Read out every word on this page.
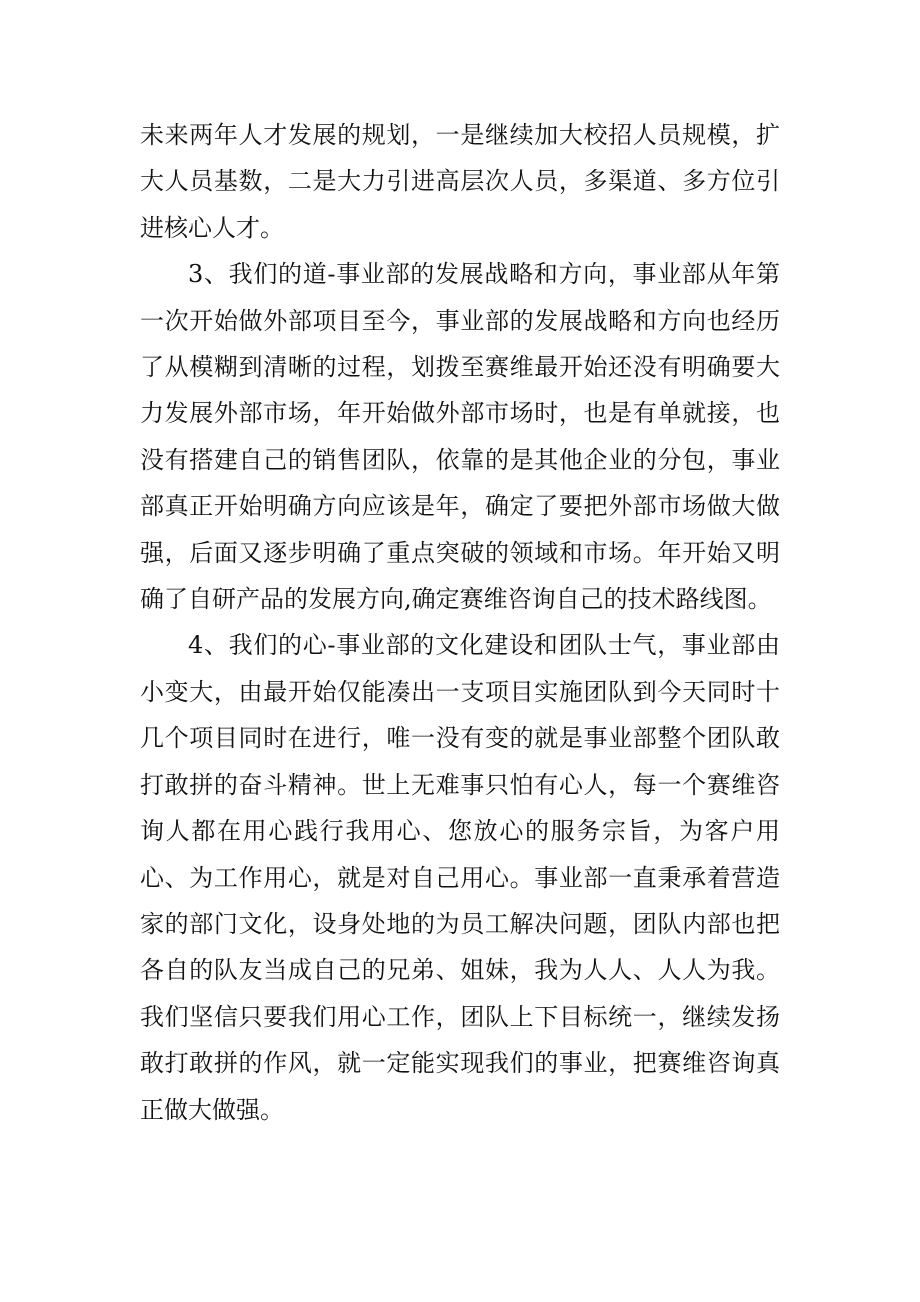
未来两年人才发展的规划，一是继续加大校招人员规模，扩大人员基数，二是大力引进高层次人员，多渠道、多方位引进核心人才。

3、我们的道-事业部的发展战略和方向，事业部从年第一次开始做外部项目至今，事业部的发展战略和方向也经历了从模糊到清晰的过程，划拨至赛维最开始还没有明确要大力发展外部市场，年开始做外部市场时，也是有单就接，也没有搭建自己的销售团队，依靠的是其他企业的分包，事业部真正开始明确方向应该是年，确定了要把外部市场做大做强，后面又逐步明确了重点突破的领域和市场。年开始又明确了自研产品的发展方向,确定赛维咨询自己的技术路线图。

4、我们的心-事业部的文化建设和团队士气，事业部由小变大，由最开始仅能凑出一支项目实施团队到今天同时十几个项目同时在进行，唯一没有变的就是事业部整个团队敢打敢拼的奋斗精神。世上无难事只怕有心人，每一个赛维咨询人都在用心践行我用心、您放心的服务宗旨，为客户用心、为工作用心，就是对自己用心。事业部一直秉承着营造家的部门文化，设身处地的为员工解决问题，团队内部也把各自的队友当成自己的兄弟、姐妹，我为人人、人人为我。我们坚信只要我们用心工作，团队上下目标统一，继续发扬敢打敢拼的作风，就一定能实现我们的事业，把赛维咨询真正做大做强。
